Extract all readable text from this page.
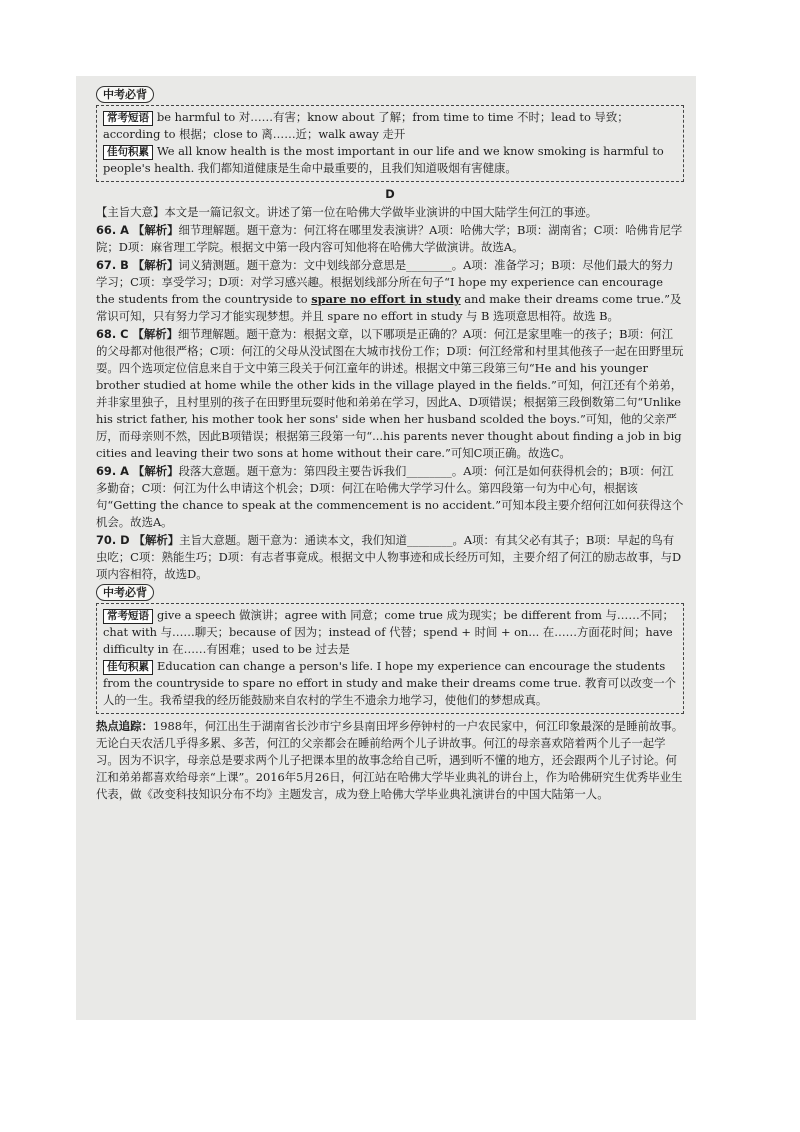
中考必背
常考短语 be harmful to 对……有害；know about 了解；from time to time 不时；lead to 导致；according to 根据；close to 离……近；walk away 走开
佳句积累 We all know health is the most important in our life and we know smoking is harmful to people's health. 我们都知道健康是生命中最重要的，且我们知道吸烟有害健康。
D
【主旨大意】本文是一篇记叙文。讲述了第一位在哈佛大学做毕业演讲的中国大陆学生何江的事迹。
66. A 【解析】细节理解题。题干意为：何江将在哪里发表演讲？A项：哈佛大学；B项：湖南省；C项：哈佛肯尼学院；D项：麻省理工学院。根据文中第一段内容可知他将在哈佛大学做演讲。故选A。
67. B 【解析】词义猜测题。题干意为：文中划线部分意思是________。A项：准备学习；B项：尽他们最大的努力学习；C项：享受学习；D项：对学习感兴趣。根据划线部分所在句子“I hope my experience can encourage the students from the countryside to spare no effort in study and make their dreams come true.”及常识可知，只有努力学习才能实现梦想。并且 spare no effort in study 与 B 选项意思相符。故选 B。
68. C 【解析】细节理解题。题干意为：根据文章，以下哪项是正确的？A项：何江是家里唯一的孩子；B项：何江的父母都对他很严格；C项：何江的父母从没试图在大城市找份工作；D项：何江经常和村里其他孩子一起在田野里玩耍。四个选项定位信息来自于文中第三段关于何江童年的讲述。根据文中第三段第三句“He and his younger brother studied at home while the other kids in the village played in the fields.”可知，何江还有个弟弟，并非家里独子，且村里别的孩子在田野里玩耍时他和弟弟在学习，因此A、D项错误；根据第三段倒数第二句“Unlike his strict father, his mother took her sons' side when her husband scolded the boys.”可知，他的父亲严厉，而母亲则不然，因此B项错误；根据第三段第一句“...his parents never thought about finding a job in big cities and leaving their two sons at home without their care.”可知C项正确。故选C。
69. A 【解析】段落大意题。题干意为：第四段主要告诉我们________。A项：何江是如何获得机会的；B项：何江多勤奋；C项：何江为什么申请这个机会；D项：何江在哈佛大学学习什么。第四段第一句为中心句，根据该句“Getting the chance to speak at the commencement is no accident.”可知本段主要介绍何江如何获得这个机会。故选A。
70. D 【解析】主旨大意题。题干意为：通读本文，我们知道________。A项：有其父必有其子；B项：早起的鸟有虫吃；C项：熟能生巧；D项：有志者事竟成。根据文中人物事迹和成长经历可知，主要介绍了何江的励志故事，与D项内容相符，故选D。
中考必背
常考短语 give a speech 做演讲；agree with 同意；come true 成为现实；be different from 与……不同；chat with 与……聊天；because of 因为；instead of 代替；spend + 时间 + on... 在……方面花时间；have difficulty in 在……有困难；used to be 过去是
佳句积累 Education can change a person's life. I hope my experience can encourage the students from the countryside to spare no effort in study and make their dreams come true. 教育可以改变一个人的一生。我希望我的经历能鼓励来自农村的学生不遗余力地学习，使他们的梦想成真。
热点追踪：1988年，何江出生于湖南省长沙市宁乡县南田坪乡停钟村的一户农民家中，何江印象最深的是睡前故事。无论白天农活几乎得多累、多苦，何江的父亲都会在睡前给两个儿子讲故事。何江的母亲喜欢陪着两个儿子一起学习。因为不识字，母亲总是要求两个儿子把课本里的故事念给自己听，遇到听不懂的地方，还会跟两个儿子讨论。何江和弟弟都喜欢给母亲“上课”。2016年5月26日，何江站在哈佛大学毕业典礼的讲台上，作为哈佛研究生优秀毕业生代表，做《改变科技知识分布不均》主题发言，成为登上哈佛大学毕业典礼演讲台的中国大陆第一人。
